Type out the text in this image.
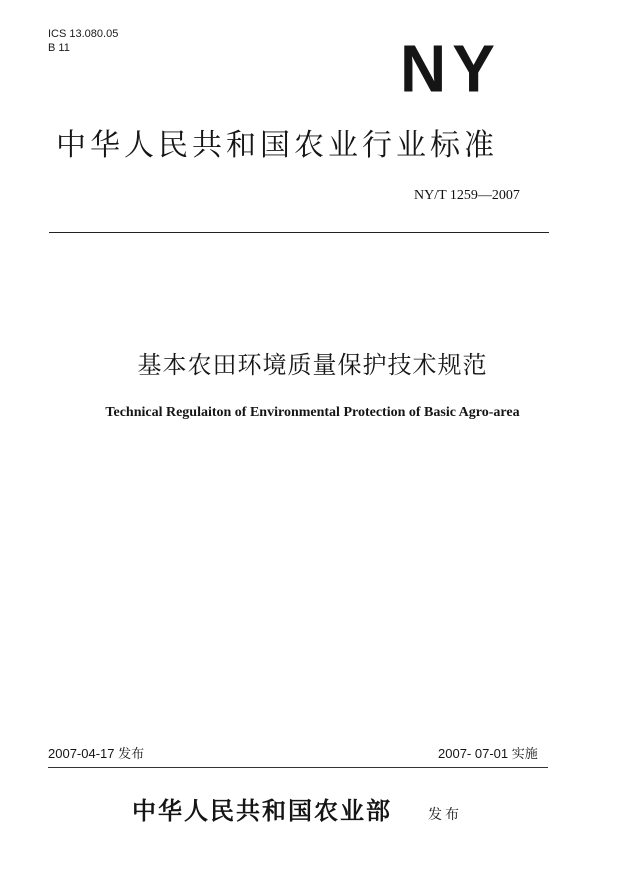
ICS 13.080.05
B 11	NY
中华人民共和国农业行业标准
NY/T 1259—2007
基本农田环境质量保护技术规范
Technical Regulaiton of Environmental Protection of Basic Agro-area
2007-04-17 发布	2007- 07-01 实施
中华人民共和国农业部	发布
